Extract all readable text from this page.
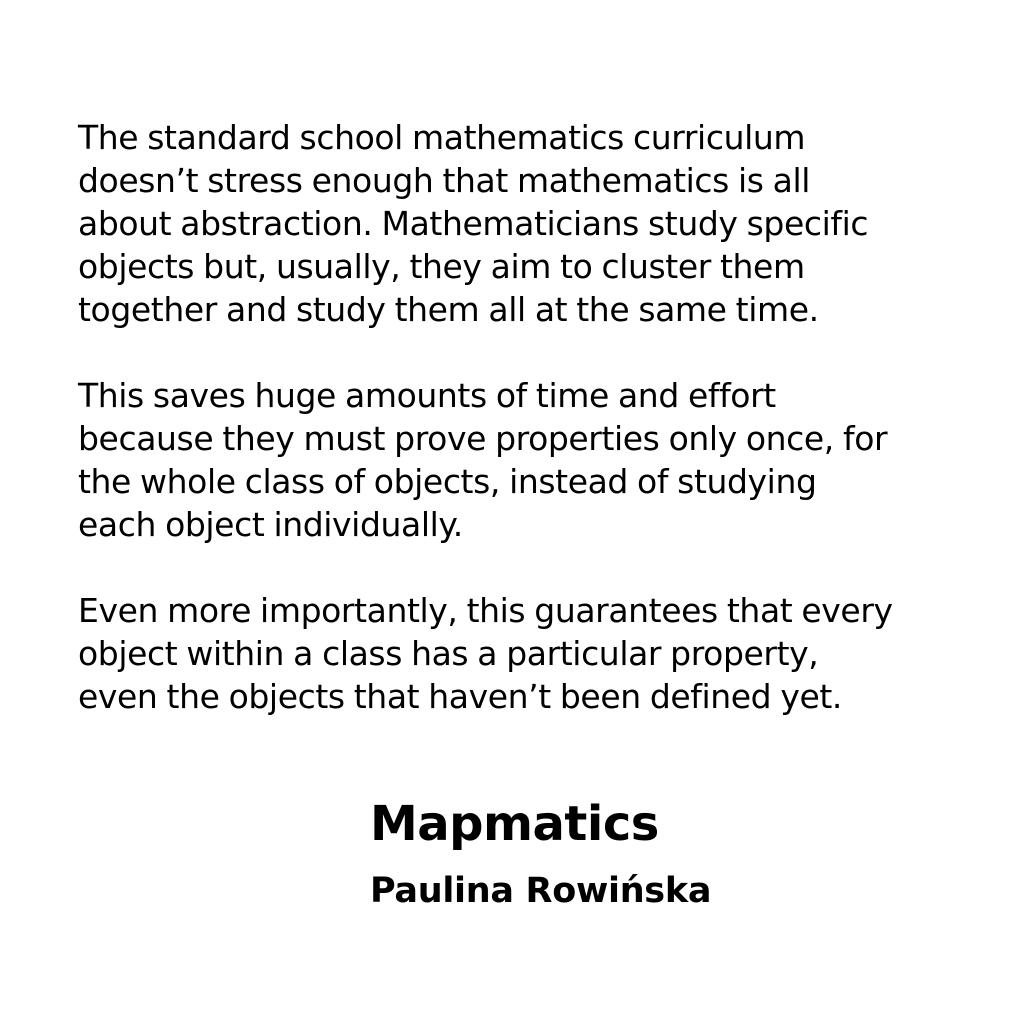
The standard school mathematics curriculum
doesn’t stress enough that mathematics is all
about abstraction. Mathematicians study specific
objects but, usually, they aim to cluster them
together and study them all at the same time.

This saves huge amounts of time and effort
because they must prove properties only once, for
the whole class of objects, instead of studying
each object individually.

Even more importantly, this guarantees that every
object within a class has a particular property,
even the objects that haven’t been defined yet.

Mapmatics
Paulina Rowińska
